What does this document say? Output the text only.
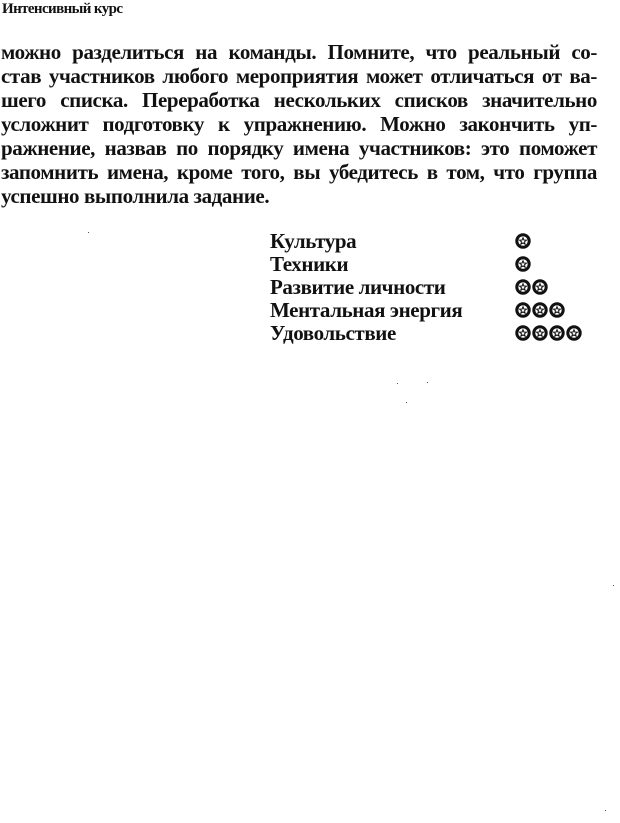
Интенсивный курс
можно разделиться на команды. Помните, что реальный со-
став участников любого мероприятия может отличаться от ва-
шего списка. Переработка нескольких списков значительно
усложнит подготовку к упражнению. Можно закончить уп-
ражнение, назвав по порядку имена участников: это поможет
запомнить имена, кроме того, вы убедитесь в том, что группа
успешно выполнила задание.
Культура
Техники
Развитие личности
Ментальная энергия
Удовольствие
